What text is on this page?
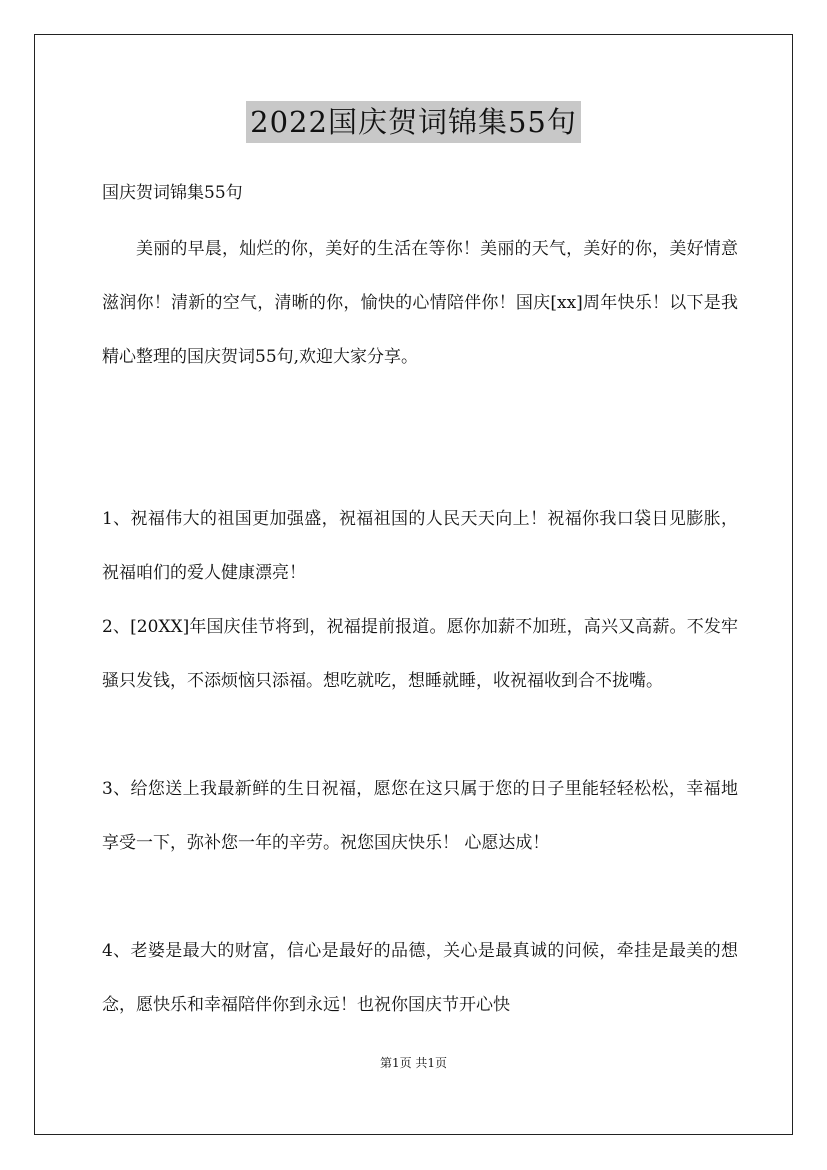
2022国庆贺词锦集55句
国庆贺词锦集55句

美丽的早晨，灿烂的你，美好的生活在等你！美丽的天气，美好的你，美好情意滋润你！清新的空气，清晰的你，愉快的心情陪伴你！国庆[xx]周年快乐！以下是我精心整理的国庆贺词55句,欢迎大家分享。

1、祝福伟大的祖国更加强盛，祝福祖国的人民天天向上！祝福你我口袋日见膨胀，祝福咱们的爱人健康漂亮！

2、[20XX]年国庆佳节将到，祝福提前报道。愿你加薪不加班，高兴又高薪。不发牢骚只发钱，不添烦恼只添福。想吃就吃，想睡就睡，收祝福收到合不拢嘴。

3、给您送上我最新鲜的生日祝福，愿您在这只属于您的日子里能轻轻松松，幸福地享受一下，弥补您一年的辛劳。祝您国庆快乐！ 心愿达成！

4、老婆是最大的财富，信心是最好的品德，关心是最真诚的问候，牵挂是最美的想念，愿快乐和幸福陪伴你到永远！也祝你国庆节开心快

第1页 共1页
